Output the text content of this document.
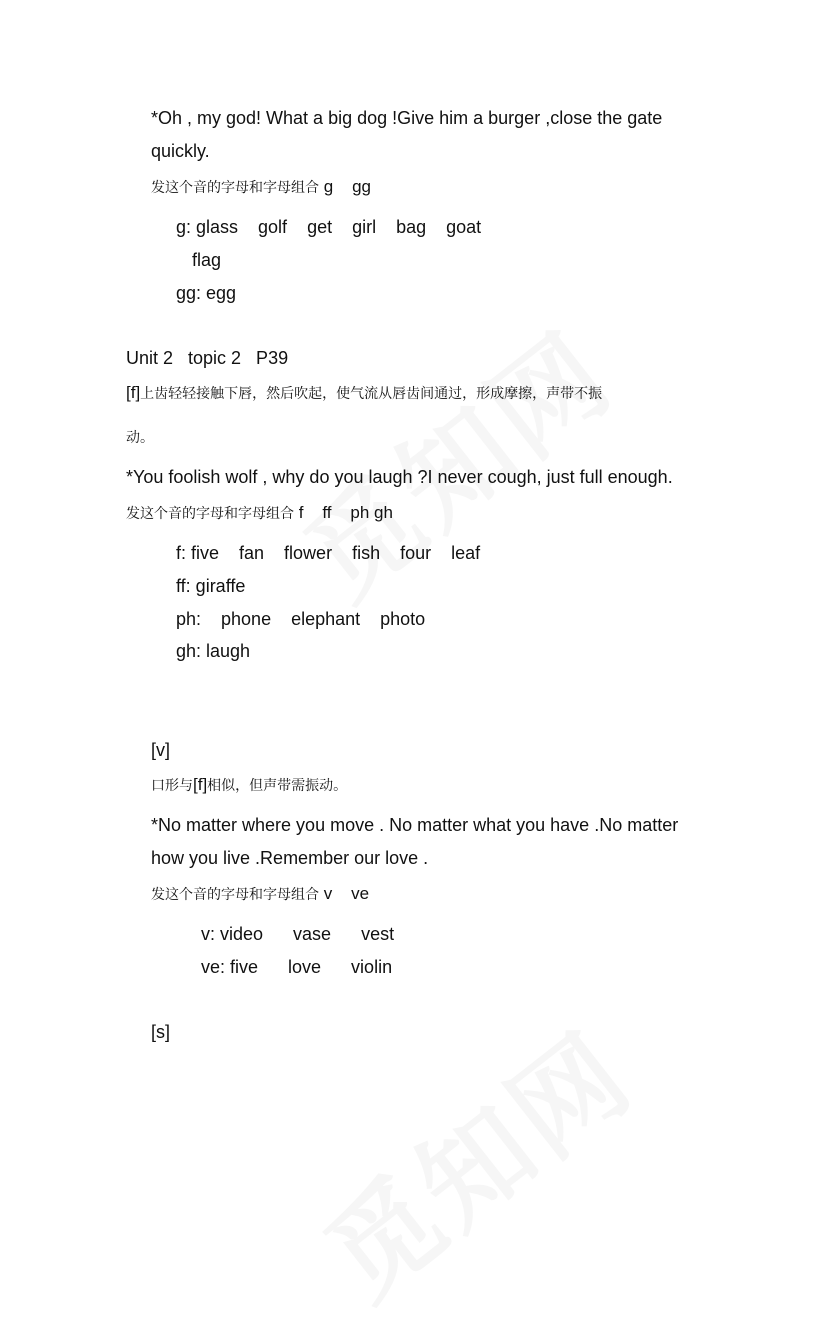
*Oh , my god! What a big dog !Give him a burger ,close the gate
quickly.
发这个音的字母和字母组合 g    gg
g: glass    golf    get    girl    bag    goat
flag
gg: egg
Unit 2   topic 2   P39
[f]上齿轻轻接触下唇，然后吹起，使气流从唇齿间通过，形成摩擦，声带不振
动。
*You foolish wolf , why do you laugh ?I never cough, just full enough.
发这个音的字母和字母组合 f    ff    ph gh
f: five    fan    flower    fish    four    leaf
ff: giraffe
ph:    phone    elephant    photo
gh: laugh
[v]
口形与[f]相似，但声带需振动。
*No matter where you move . No matter what you have .No matter
how you live .Remember our love .
发这个音的字母和字母组合 v    ve
v: video      vase      vest
ve: five      love      violin
[s]
